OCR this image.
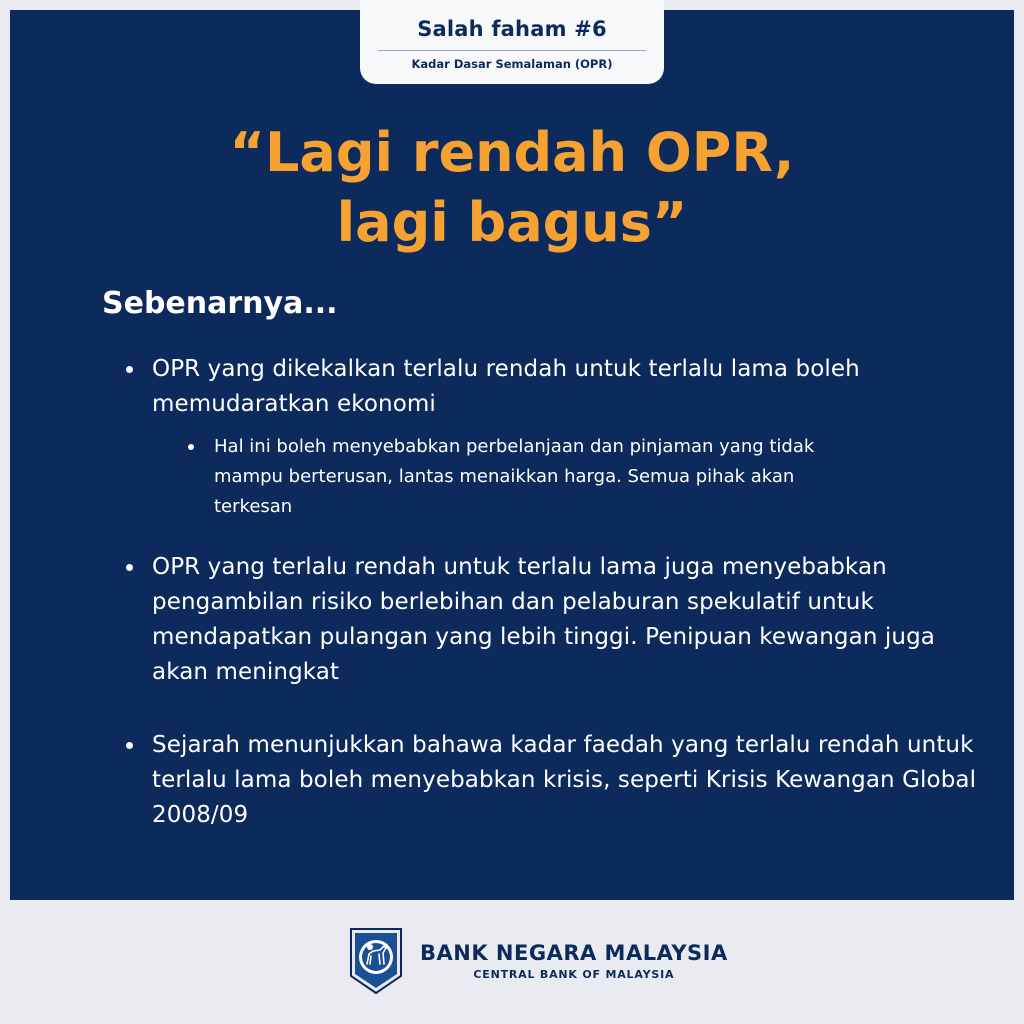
Salah faham #6
Kadar Dasar Semalaman (OPR)
“Lagi rendah OPR,
lagi bagus”
Sebenarnya...
OPR yang dikekalkan terlalu rendah untuk terlalu lama boleh memudaratkan ekonomi
Hal ini boleh menyebabkan perbelanjaan dan pinjaman yang tidak mampu berterusan, lantas menaikkan harga. Semua pihak akan terkesan
OPR yang terlalu rendah untuk terlalu lama juga menyebabkan pengambilan risiko berlebihan dan pelaburan spekulatif untuk mendapatkan pulangan yang lebih tinggi. Penipuan kewangan juga akan meningkat
Sejarah menunjukkan bahawa kadar faedah yang terlalu rendah untuk terlalu lama boleh menyebabkan krisis, seperti Krisis Kewangan Global 2008/09
BANK NEGARA MALAYSIA
CENTRAL BANK OF MALAYSIA
